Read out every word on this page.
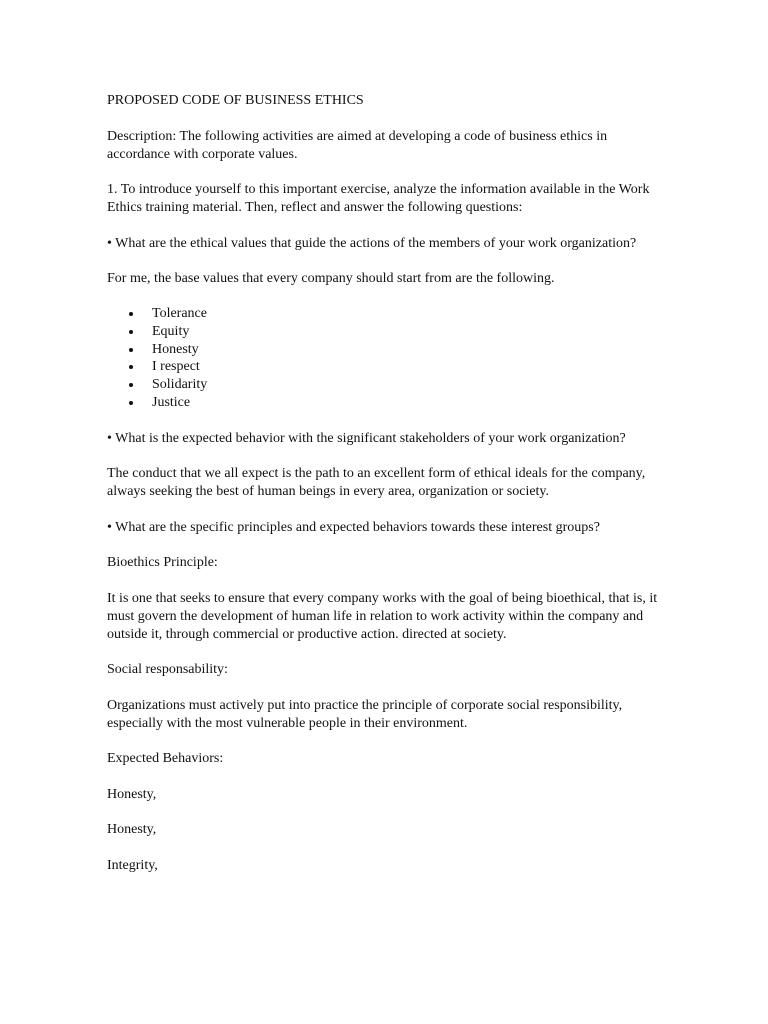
PROPOSED CODE OF BUSINESS ETHICS

Description: The following activities are aimed at developing a code of business ethics in accordance with corporate values.

1. To introduce yourself to this important exercise, analyze the information available in the Work Ethics training material. Then, reflect and answer the following questions:

• What are the ethical values that guide the actions of the members of your work organization?

For me, the base values that every company should start from are the following.

Tolerance
Equity
Honesty
I respect
Solidarity
Justice

• What is the expected behavior with the significant stakeholders of your work organization?

The conduct that we all expect is the path to an excellent form of ethical ideals for the company, always seeking the best of human beings in every area, organization or society.

• What are the specific principles and expected behaviors towards these interest groups?

Bioethics Principle:

It is one that seeks to ensure that every company works with the goal of being bioethical, that is, it must govern the development of human life in relation to work activity within the company and outside it, through commercial or productive action. directed at society.

Social responsability:

Organizations must actively put into practice the principle of corporate social responsibility, especially with the most vulnerable people in their environment.

Expected Behaviors:

Honesty,

Honesty,

Integrity,
